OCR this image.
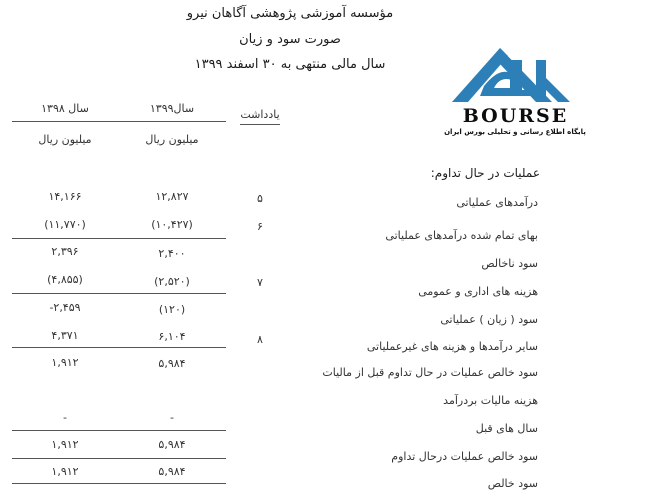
مؤسسه آموزشی پژوهشی آگاهان نیرو
صورت سود و زیان
سال مالی منتهی به ۳۰ اسفند ۱۳۹۹
BOURSE
پایگاه اطلاع رسانی و تحلیلی بورس ایران
یادداشت
سال۱۳۹۹
میلیون ریال
سال ۱۳۹۸
میلیون ریال
عملیات در حال تداوم:
درآمدهای عملیاتی
۵
۱۲,۸۲۷
۱۴,۱۶۶
بهای تمام شده درآمدهای عملیاتی
۶
(۱۰,۴۲۷)
(۱۱,۷۷۰)
سود ناخالص
۲,۴۰۰
۲,۳۹۶
هزینه های اداری و عمومی
۷
(۲,۵۲۰)
(۴,۸۵۵)
سود ( زیان ) عملیاتی
(۱۲۰)
-۲,۴۵۹
سایر درآمدها و هزینه های غیرعملیاتی
۸
۶,۱۰۴
۴,۳۷۱
سود خالص عملیات در حال تداوم قبل از مالیات
۵,۹۸۴
۱,۹۱۲
هزینه مالیات بردرآمد
سال های قبل
-
-
سود خالص عملیات درحال تداوم
۵,۹۸۴
۱,۹۱۲
سود خالص
۵,۹۸۴
۱,۹۱۲
